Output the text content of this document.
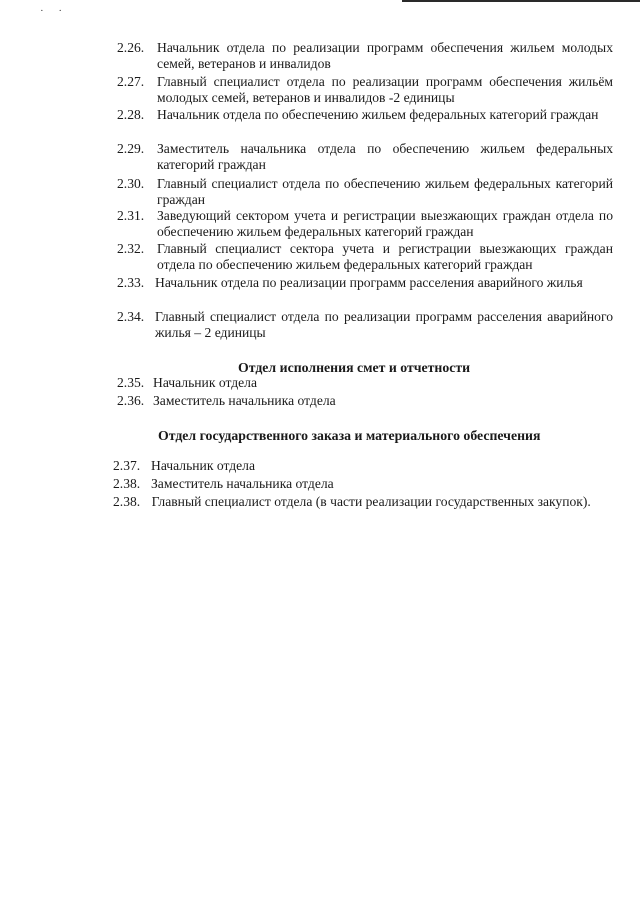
· ·
2.26. Начальник отдела по реализации программ обеспечения жильем молодых семей, ветеранов и инвалидов
2.27. Главный специалист отдела по реализации программ обеспечения жильём молодых семей, ветеранов и инвалидов -2 единицы
2.28. Начальник отдела по обеспечению жильем федеральных категорий граждан
2.29. Заместитель начальника отдела по обеспечению жильем федеральных категорий граждан
2.30. Главный специалист отдела по обеспечению жильем федеральных категорий граждан
2.31. Заведующий сектором учета и регистрации выезжающих граждан отдела по обеспечению жильем федеральных категорий граждан
2.32. Главный специалист сектора учета и регистрации выезжающих граждан отдела по обеспечению жильем федеральных категорий граждан
2.33. Начальник отдела по реализации программ расселения аварийного жилья
2.34. Главный специалист отдела по реализации программ расселения аварийного жилья – 2 единицы
Отдел исполнения смет и отчетности
2.35. Начальник отдела
2.36. Заместитель начальника отдела
Отдел государственного заказа и материального обеспечения
2.37. Начальник отдела
2.38. Заместитель начальника отдела
2.38. Главный специалист отдела (в части реализации государственных закупок).
